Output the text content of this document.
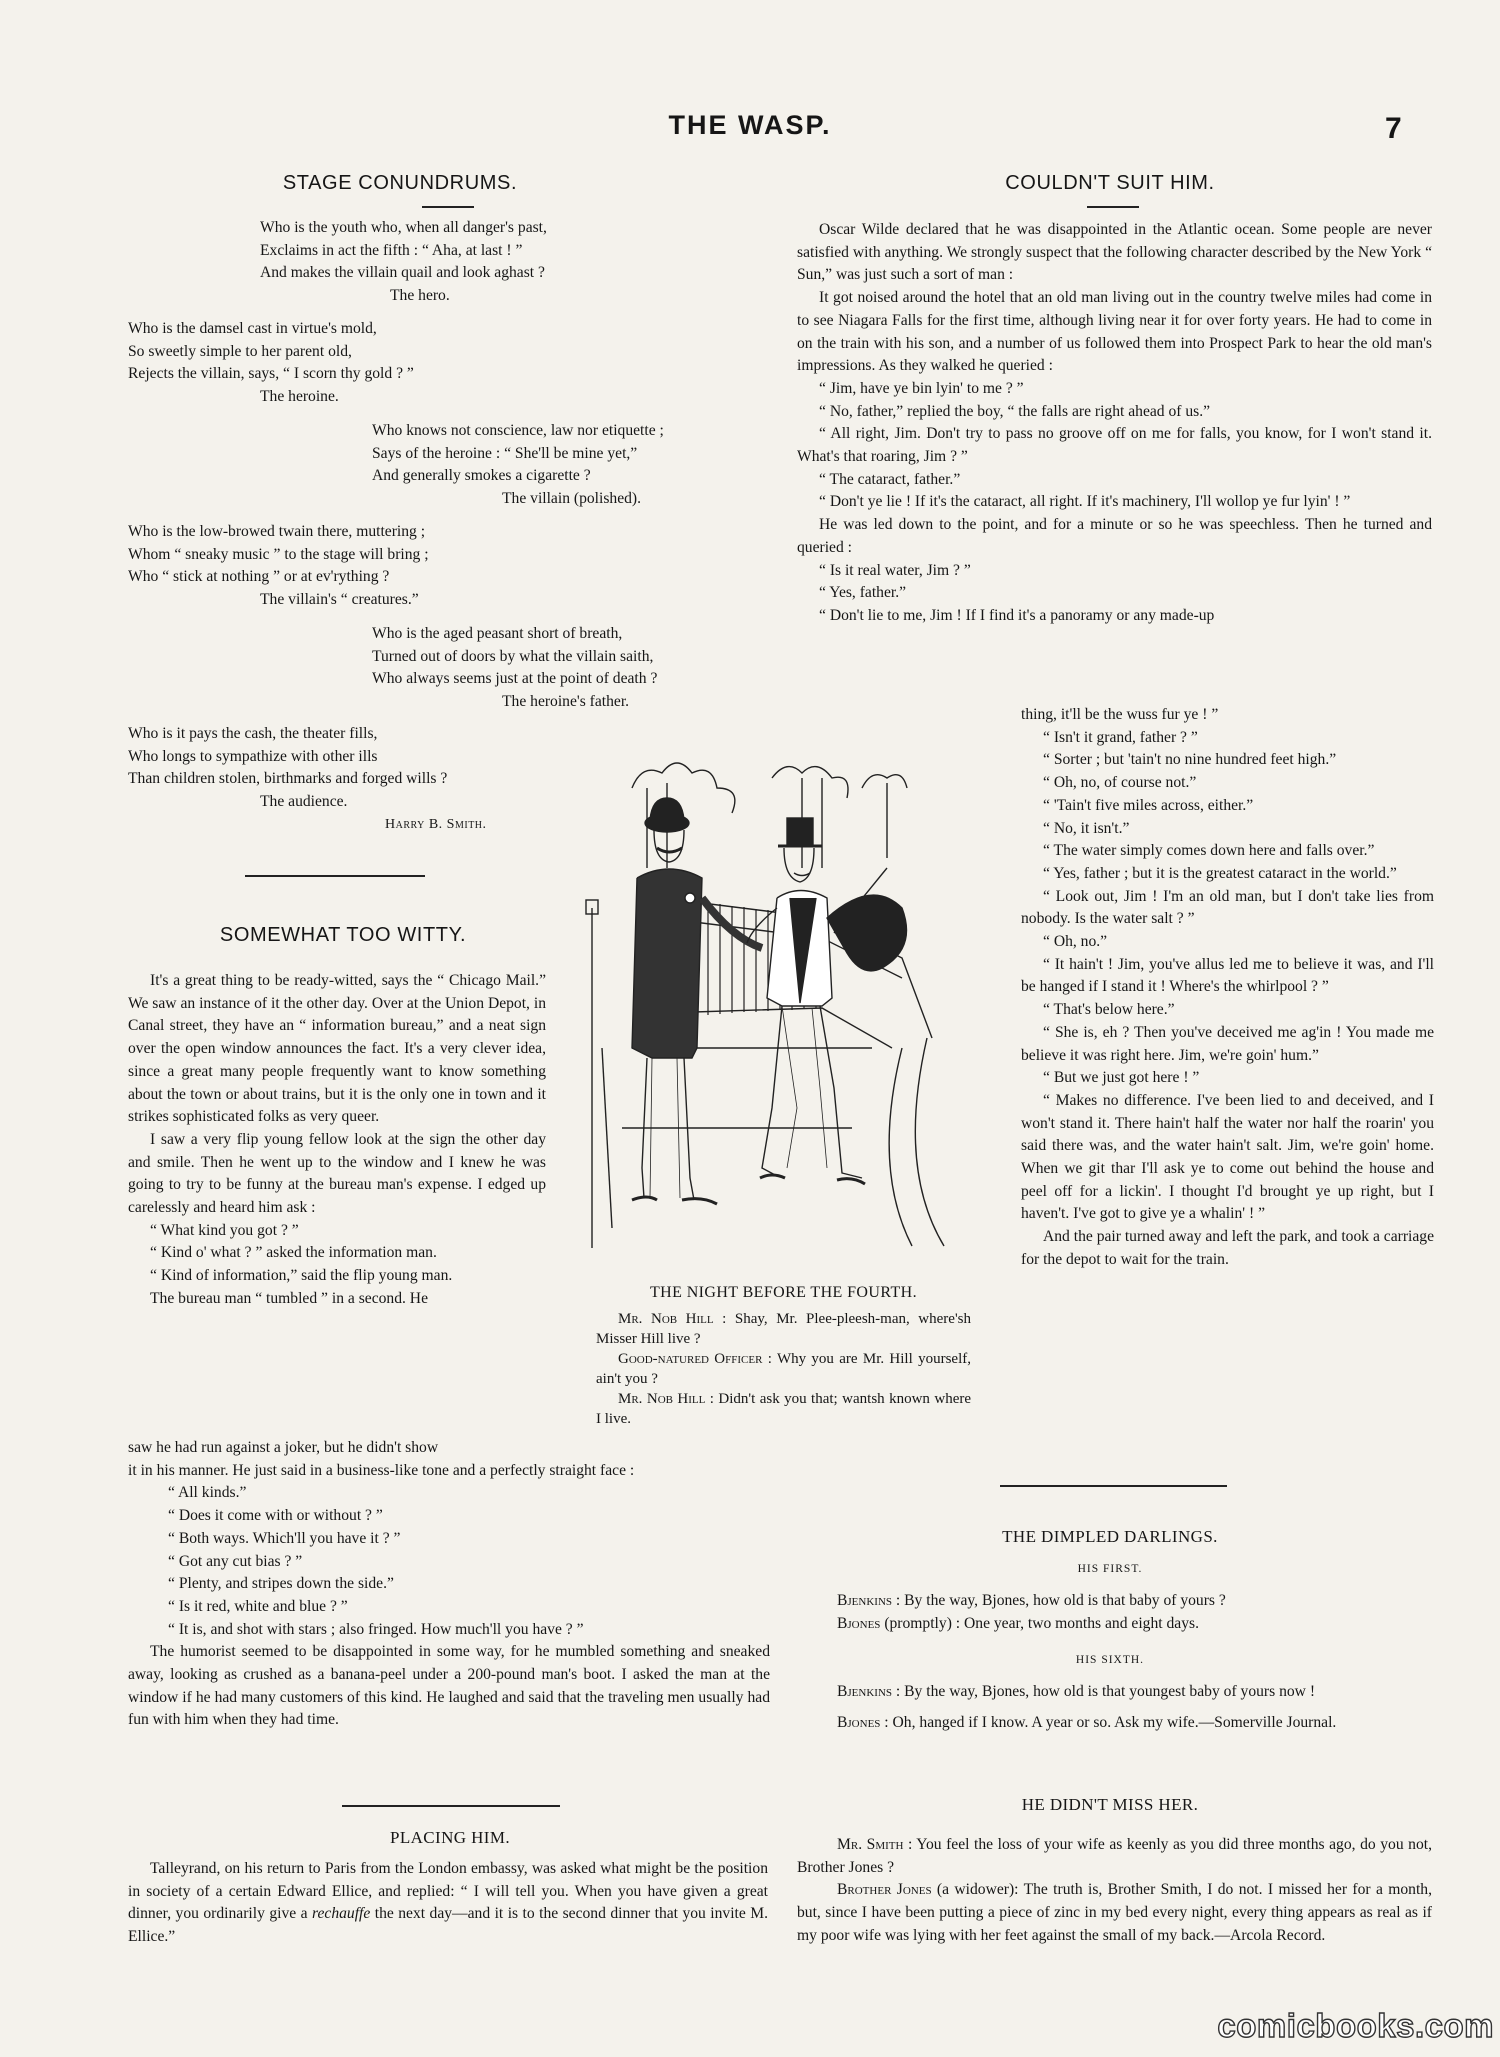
THE WASP.	7
STAGE CONUNDRUMS.

Who is the youth who, when all danger's past,

Exclaims in act the fifth : “ Aha, at last ! ”

And makes the villain quail and look aghast ?

The hero.

Who is the damsel cast in virtue's mold,

So sweetly simple to her parent old,

Rejects the villain, says, “ I scorn thy gold ? ”

The heroine.

Who knows not conscience, law nor etiquette ;

Says of the heroine : “ She'll be mine yet,”

And generally smokes a cigarette ?

The villain (polished).

Who is the low-browed twain there, muttering ;

Whom “ sneaky music ” to the stage will bring ;

Who “ stick at nothing ” or at ev'rything ?

The villain's “ creatures.”

Who is the aged peasant short of breath,

Turned out of doors by what the villain saith,

Who always seems just at the point of death ?

The heroine's father.

Who is it pays the cash, the theater fills,

Who longs to sympathize with other ills

Than children stolen, birthmarks and forged wills ?

The audience.

Harry B. Smith.
SOMEWHAT TOO WITTY.

It's a great thing to be ready-witted, says the “ Chicago Mail.” We saw an instance of it the other day. Over at the Union Depot, in Canal street, they have an “ information bureau,” and a neat sign over the open window announces the fact. It's a very clever idea, since a great many people frequently want to know something about the town or about trains, but it is the only one in town and it strikes sophisticated folks as very queer.

I saw a very flip young fellow look at the sign the other day and smile. Then he went up to the window and I knew he was going to try to be funny at the bureau man's expense. I edged up carelessly and heard him ask :

“ What kind you got ? ”

“ Kind o' what ? ” asked the information man.

“ Kind of information,” said the flip young man.

The bureau man “ tumbled ” in a second. He

saw he had run against a joker, but he didn't show

it in his manner. He just said in a business-like tone and a perfectly straight face :

“ All kinds.”

“ Does it come with or without ? ”

“ Both ways. Which'll you have it ? ”

“ Got any cut bias ? ”

“ Plenty, and stripes down the side.”

“ Is it red, white and blue ? ”

“ It is, and shot with stars ; also fringed. How much'll you have ? ”

The humorist seemed to be disappointed in some way, for he mumbled something and sneaked away, looking as crushed as a banana-peel under a 200-pound man's boot. I asked the man at the window if he had many customers of this kind. He laughed and said that the traveling men usually had fun with him when they had time.

PLACING HIM.

Talleyrand, on his return to Paris from the London embassy, was asked what might be the position in society of a certain Edward Ellice, and replied: “ I will tell you. When you have given a great dinner, you ordinarily give a rechauffe the next day—and it is to the second dinner that you invite M. Ellice.”

THE NIGHT BEFORE THE FOURTH.

Mr. Nob Hill : Shay, Mr. Plee-pleesh-man, where'sh Misser Hill live ?

Good-natured Officer : Why you are Mr. Hill yourself, ain't you ?

Mr. Nob Hill : Didn't ask you that; wantsh known where I live.

COULDN'T SUIT HIM.

Oscar Wilde declared that he was disappointed in the Atlantic ocean. Some people are never satisfied with anything. We strongly suspect that the following character described by the New York “ Sun,” was just such a sort of man :

It got noised around the hotel that an old man living out in the country twelve miles had come in to see Niagara Falls for the first time, although living near it for over forty years. He had to come in on the train with his son, and a number of us followed them into Prospect Park to hear the old man's impressions. As they walked he queried :

“ Jim, have ye bin lyin' to me ? ”

“ No, father,” replied the boy, “ the falls are right ahead of us.”

“ All right, Jim. Don't try to pass no groove off on me for falls, you know, for I won't stand it. What's that roaring, Jim ? ”

“ The cataract, father.”

“ Don't ye lie ! If it's the cataract, all right. If it's machinery, I'll wollop ye fur lyin' ! ”

He was led down to the point, and for a minute or so he was speechless. Then he turned and queried :

“ Is it real water, Jim ? ”

“ Yes, father.”

“ Don't lie to me, Jim ! If I find it's a panoramy or any made-up

thing, it'll be the wuss fur ye ! ”

“ Isn't it grand, father ? ”

“ Sorter ; but 'tain't no nine hundred feet high.”

“ Oh, no, of course not.”

“ 'Tain't five miles across, either.”

“ No, it isn't.”

“ The water simply comes down here and falls over.”

“ Yes, father ; but it is the greatest cataract in the world.”

“ Look out, Jim ! I'm an old man, but I don't take lies from nobody. Is the water salt ? ”

“ Oh, no.”

“ It hain't ! Jim, you've allus led me to believe it was, and I'll be hanged if I stand it ! Where's the whirlpool ? ”

“ That's below here.”

“ She is, eh ? Then you've deceived me ag'in ! You made me believe it was right here. Jim, we're goin' hum.”

“ But we just got here ! ”

“ Makes no difference. I've been lied to and deceived, and I won't stand it. There hain't half the water nor half the roarin' you said there was, and the water hain't salt. Jim, we're goin' home. When we git thar I'll ask ye to come out behind the house and peel off for a lickin'. I thought I'd brought ye up right, but I haven't. I've got to give ye a whalin' ! ”

And the pair turned away and left the park, and took a carriage for the depot to wait for the train.

THE DIMPLED DARLINGS.
HIS FIRST.

Bjenkins : By the way, Bjones, how old is that baby of yours ?

Bjones (promptly) : One year, two months and eight days.

HIS SIXTH.

Bjenkins : By the way, Bjones, how old is that youngest baby of yours now !

Bjones : Oh, hanged if I know. A year or so. Ask my wife.—Somerville Journal.

HE DIDN'T MISS HER.

Mr. Smith : You feel the loss of your wife as keenly as you did three months ago, do you not, Brother Jones ?

Brother Jones (a widower): The truth is, Brother Smith, I do not. I missed her for a month, but, since I have been putting a piece of zinc in my bed every night, every thing appears as real as if my poor wife was lying with her feet against the small of my back.—Arcola Record.

comicbooks.com
